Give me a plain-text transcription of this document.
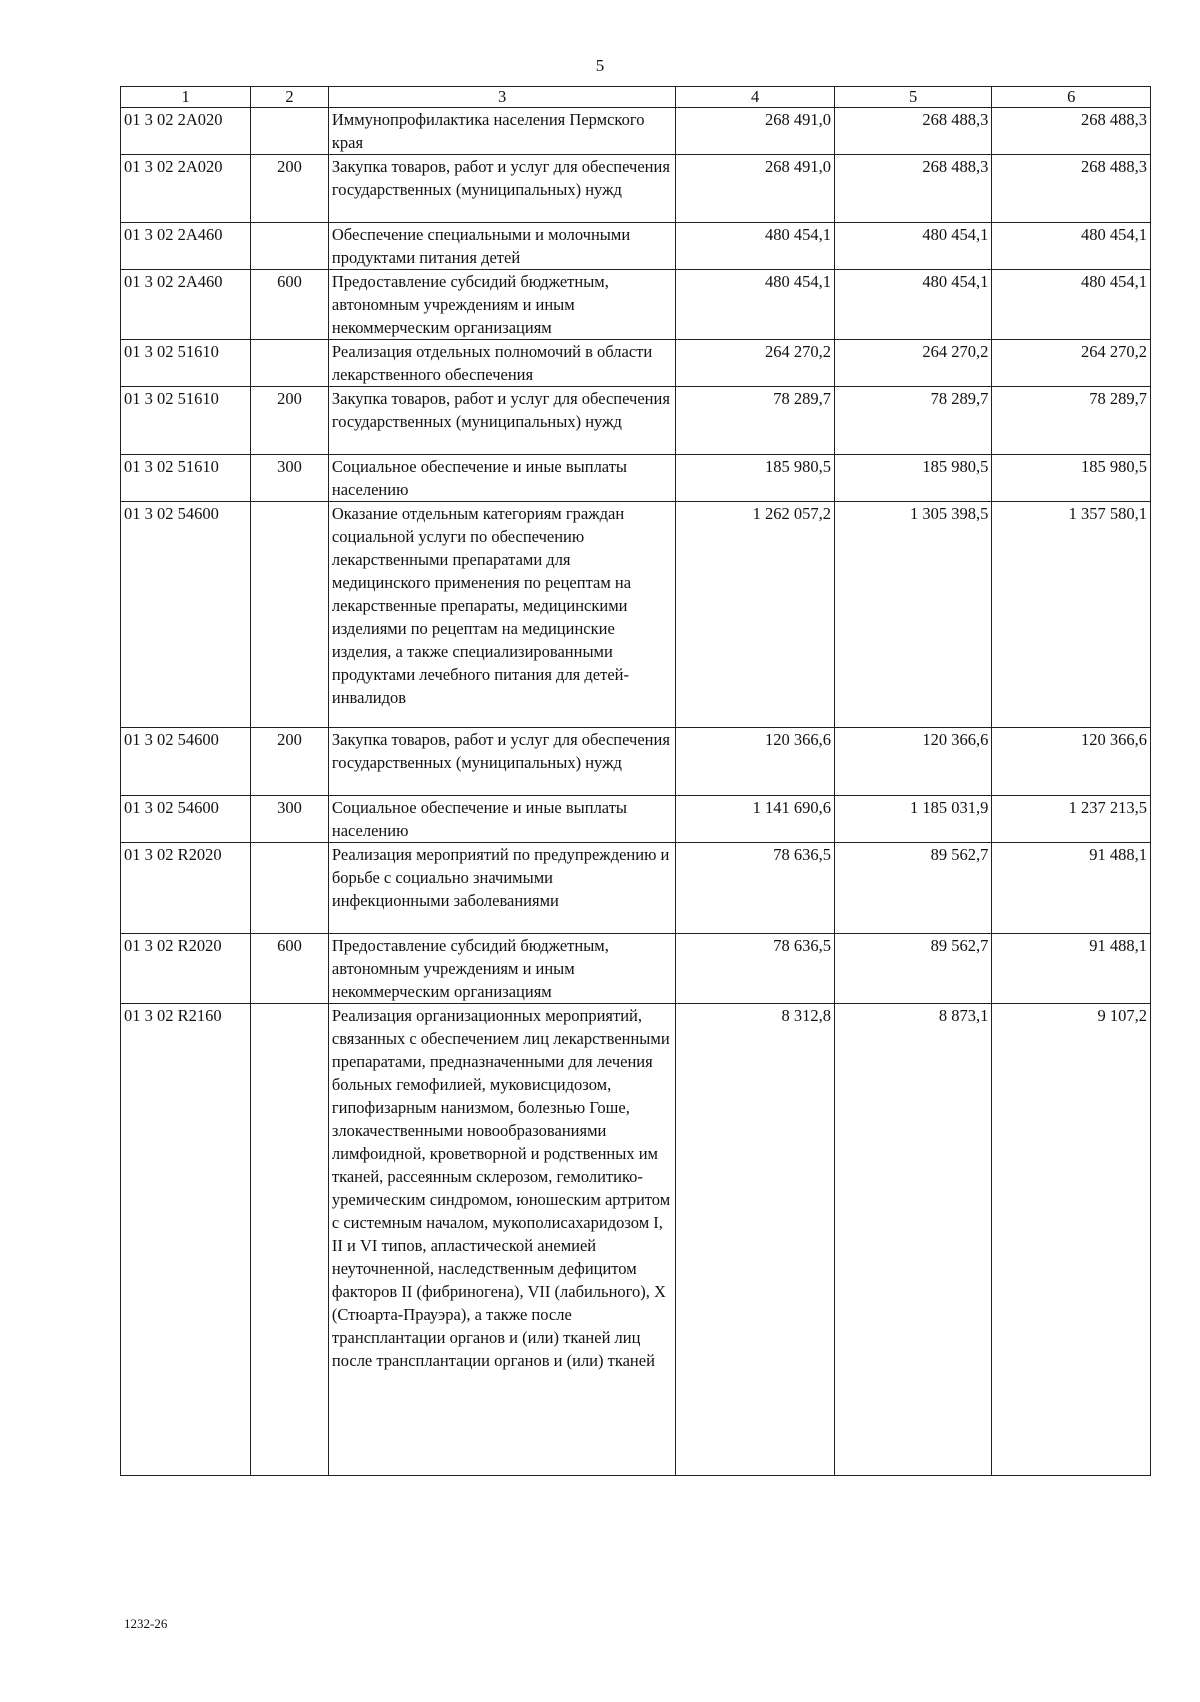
5
1	2	3	4	5	6
01 3 02 2A020		Иммунопрофилактика населения Пермского края	268 491,0	268 488,3	268 488,3
01 3 02 2A020	200	Закупка товаров, работ и услуг для обеспечения государственных (муниципальных) нужд	268 491,0	268 488,3	268 488,3
01 3 02 2A460		Обеспечение специальными и молочными продуктами питания детей	480 454,1	480 454,1	480 454,1
01 3 02 2A460	600	Предоставление субсидий бюджетным, автономным учреждениям и иным некоммерческим организациям	480 454,1	480 454,1	480 454,1
01 3 02 51610		Реализация отдельных полномочий в области лекарственного обеспечения	264 270,2	264 270,2	264 270,2
01 3 02 51610	200	Закупка товаров, работ и услуг для обеспечения государственных (муниципальных) нужд	78 289,7	78 289,7	78 289,7
01 3 02 51610	300	Социальное обеспечение и иные выплаты населению	185 980,5	185 980,5	185 980,5
01 3 02 54600		Оказание отдельным категориям граждан социальной услуги по обеспечению лекарственными препаратами для медицинского применения по рецептам на лекарственные препараты, медицинскими изделиями по рецептам на медицинские изделия, а также специализированными продуктами лечебного питания для детей-инвалидов	1 262 057,2	1 305 398,5	1 357 580,1
01 3 02 54600	200	Закупка товаров, работ и услуг для обеспечения государственных (муниципальных) нужд	120 366,6	120 366,6	120 366,6
01 3 02 54600	300	Социальное обеспечение и иные выплаты населению	1 141 690,6	1 185 031,9	1 237 213,5
01 3 02 R2020		Реализация мероприятий по предупреждению и борьбе с социально значимыми инфекционными заболеваниями	78 636,5	89 562,7	91 488,1
01 3 02 R2020	600	Предоставление субсидий бюджетным, автономным учреждениям и иным некоммерческим организациям	78 636,5	89 562,7	91 488,1
01 3 02 R2160		Реализация организационных мероприятий, связанных с обеспечением лиц лекарственными препаратами, предназначенными для лечения больных гемофилией, муковисцидозом, гипофизарным нанизмом, болезнью Гоше, злокачественными новообразованиями лимфоидной, кроветворной и родственных им тканей, рассеянным склерозом, гемолитико-уремическим синдромом, юношеским артритом с системным началом, мукополисахаридозом I, II и VI типов, апластической анемией неуточненной, наследственным дефицитом факторов II (фибриногена), VII (лабильного), X (Стюарта-Прауэра), а также после трансплантации органов и (или) тканей лиц после трансплантации органов и (или) тканей	8 312,8	8 873,1	9 107,2
1232-26
